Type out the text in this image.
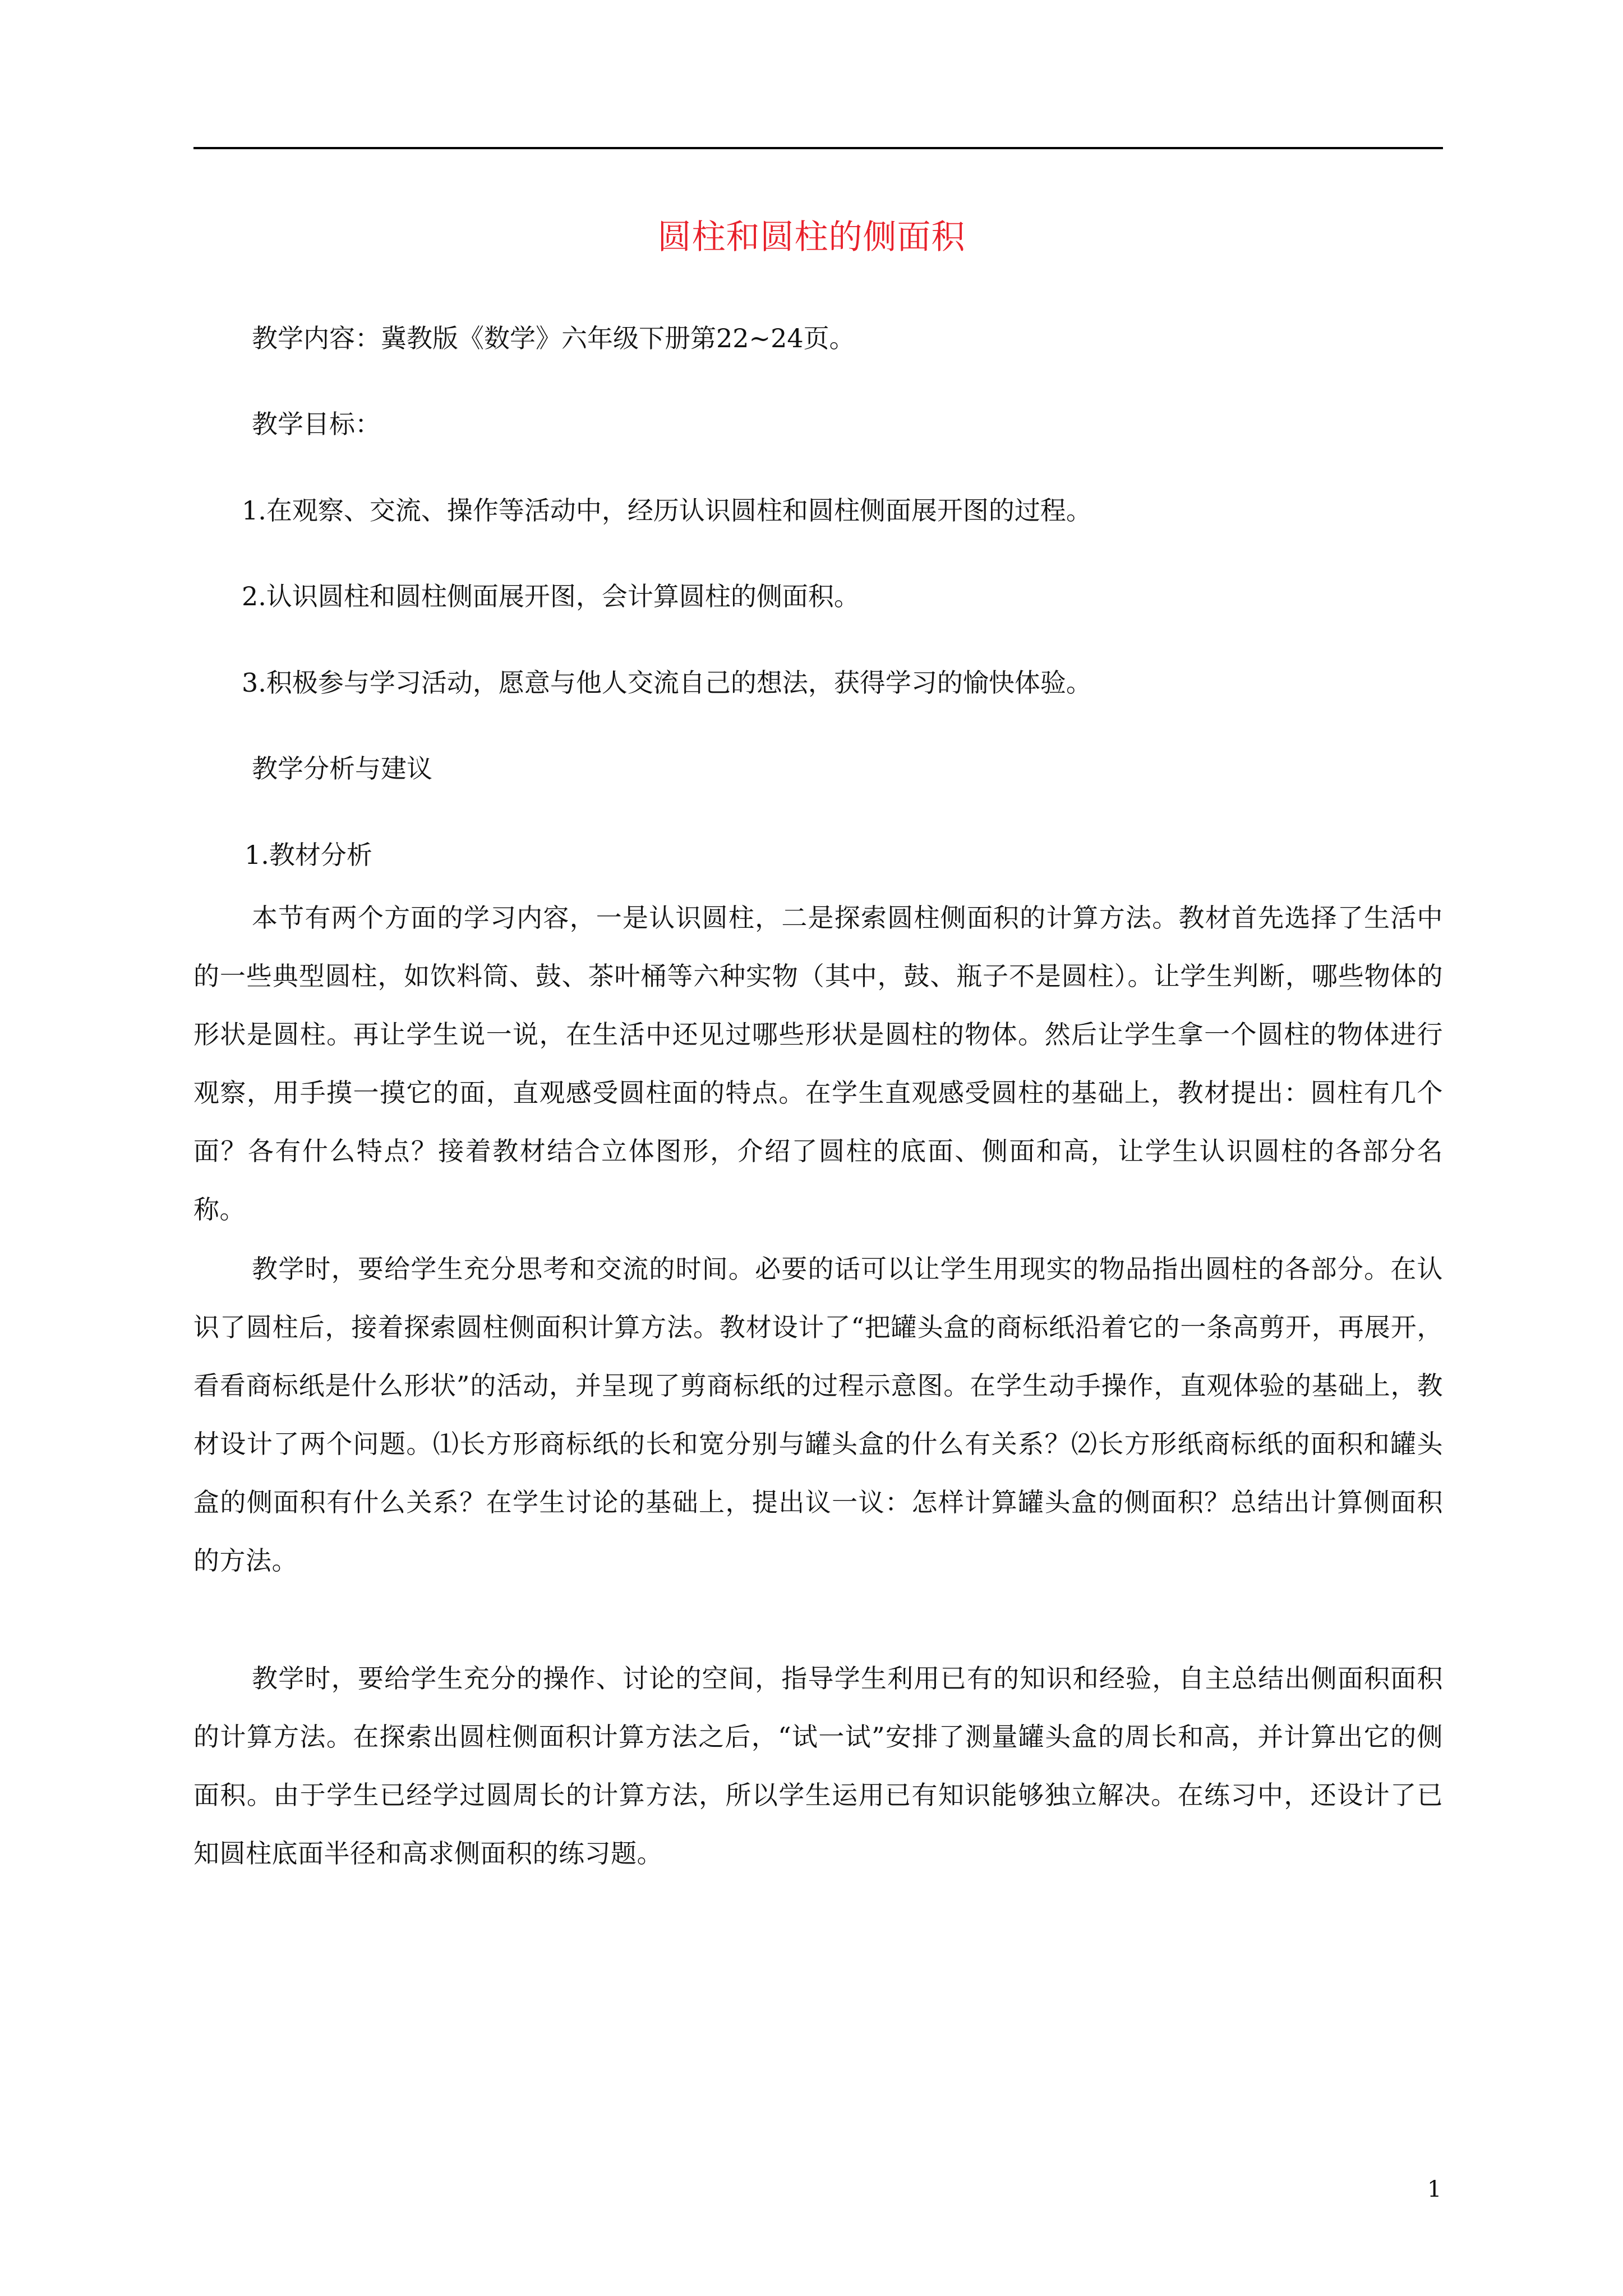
圆柱和圆柱的侧面积
教学内容：冀教版《数学》六年级下册第22~24页。
教学目标：
1.在观察、交流、操作等活动中，经历认识圆柱和圆柱侧面展开图的过程。
2.认识圆柱和圆柱侧面展开图，会计算圆柱的侧面积。
3.积极参与学习活动，愿意与他人交流自己的想法，获得学习的愉快体验。
教学分析与建议
1.教材分析
本节有两个方面的学习内容，一是认识圆柱，二是探索圆柱侧面积的计算方法。教材首先选择了生活中的一些典型圆柱，如饮料筒、鼓、茶叶桶等六种实物（其中，鼓、瓶子不是圆柱）。让学生判断，哪些物体的形状是圆柱。再让学生说一说，在生活中还见过哪些形状是圆柱的物体。然后让学生拿一个圆柱的物体进行观察，用手摸一摸它的面，直观感受圆柱面的特点。在学生直观感受圆柱的基础上，教材提出：圆柱有几个面？各有什么特点？接着教材结合立体图形，介绍了圆柱的底面、侧面和高，让学生认识圆柱的各部分名称。
教学时，要给学生充分思考和交流的时间。必要的话可以让学生用现实的物品指出圆柱的各部分。在认识了圆柱后，接着探索圆柱侧面积计算方法。教材设计了“把罐头盒的商标纸沿着它的一条高剪开，再展开，看看商标纸是什么形状”的活动，并呈现了剪商标纸的过程示意图。在学生动手操作，直观体验的基础上，教材设计了两个问题。⑴长方形商标纸的长和宽分别与罐头盒的什么有关系？⑵长方形纸商标纸的面积和罐头盒的侧面积有什么关系？在学生讨论的基础上，提出议一议：怎样计算罐头盒的侧面积？总结出计算侧面积的方法。
教学时，要给学生充分的操作、讨论的空间，指导学生利用已有的知识和经验，自主总结出侧面积面积的计算方法。在探索出圆柱侧面积计算方法之后，“试一试”安排了测量罐头盒的周长和高，并计算出它的侧面积。由于学生已经学过圆周长的计算方法，所以学生运用已有知识能够独立解决。在练习中，还设计了已知圆柱底面半径和高求侧面积的练习题。
1
